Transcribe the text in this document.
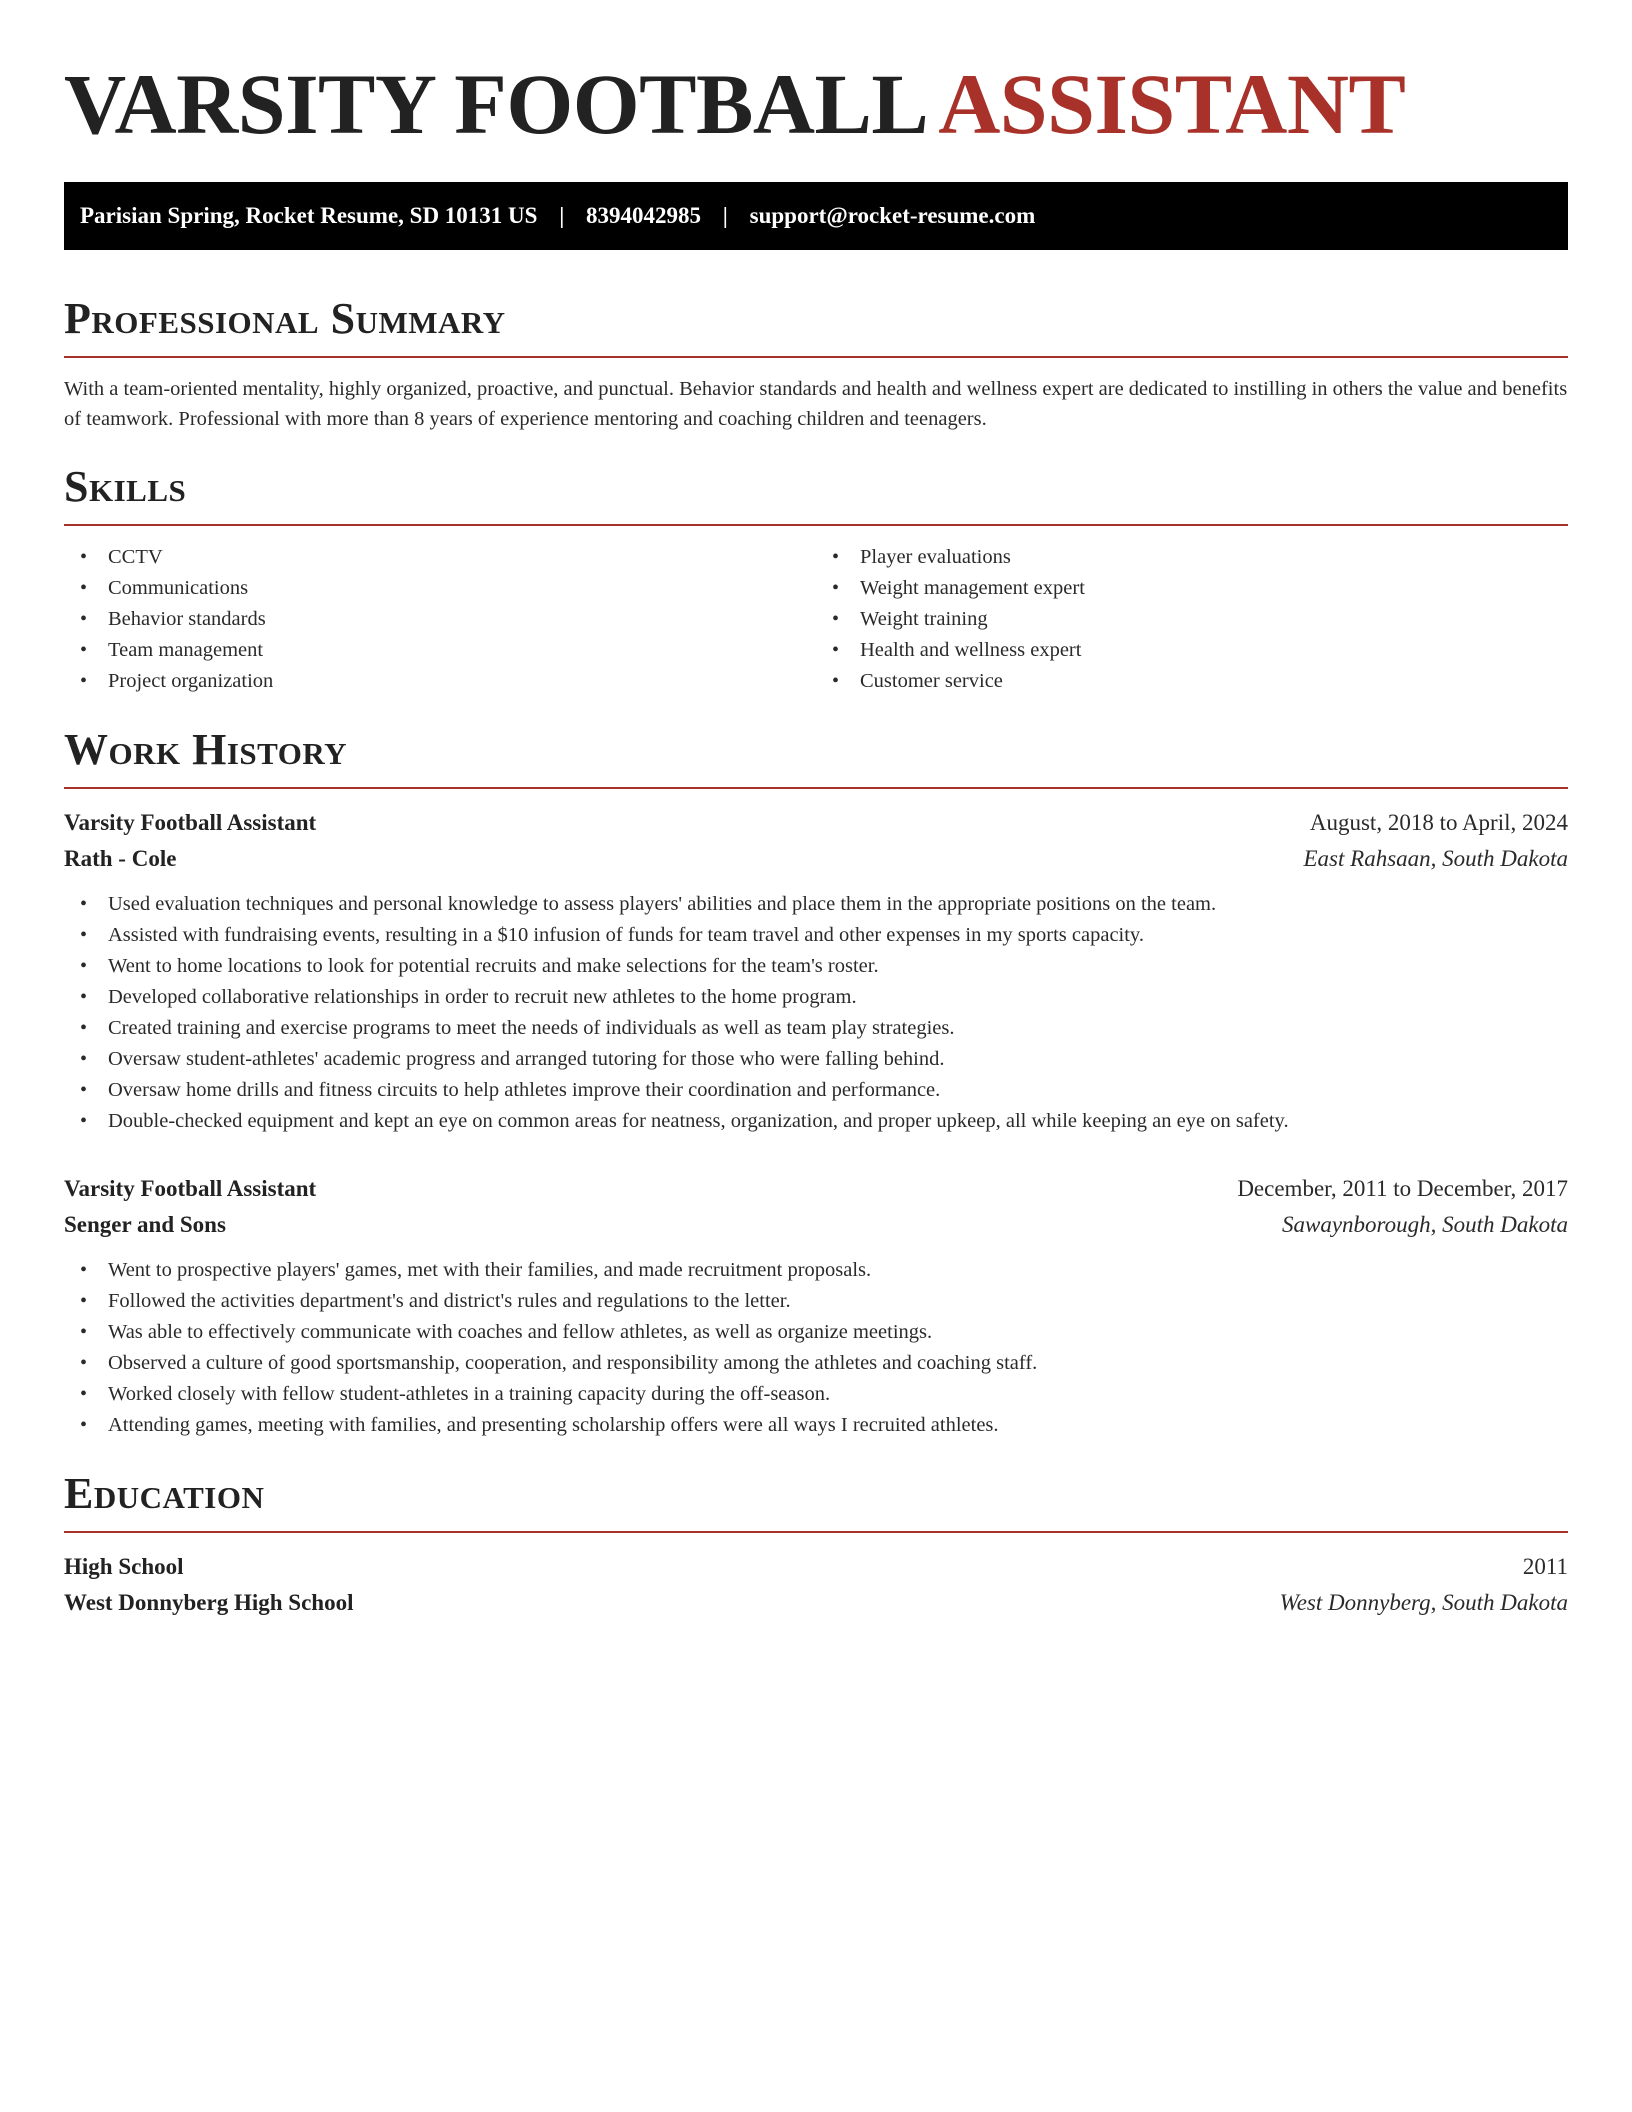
VARSITY FOOTBALL ASSISTANT
Parisian Spring, Rocket Resume, SD 10131 US | 8394042985 | support@rocket-resume.com
Professional Summary

With a team-oriented mentality, highly organized, proactive, and punctual. Behavior standards and health and wellness expert are dedicated to instilling in others the value and benefits of teamwork. Professional with more than 8 years of experience mentoring and coaching children and teenagers.

Skills
• CCTV
• Communications
• Behavior standards
• Team management
• Project organization
• Player evaluations
• Weight management expert
• Weight training
• Health and wellness expert
• Customer service
Work History
Varsity Football Assistant	August, 2018 to April, 2024
Rath - Cole	East Rahsaan, South Dakota
• Used evaluation techniques and personal knowledge to assess players' abilities and place them in the appropriate positions on the team.
• Assisted with fundraising events, resulting in a $10 infusion of funds for team travel and other expenses in my sports capacity.
• Went to home locations to look for potential recruits and make selections for the team's roster.
• Developed collaborative relationships in order to recruit new athletes to the home program.
• Created training and exercise programs to meet the needs of individuals as well as team play strategies.
• Oversaw student-athletes' academic progress and arranged tutoring for those who were falling behind.
• Oversaw home drills and fitness circuits to help athletes improve their coordination and performance.
• Double-checked equipment and kept an eye on common areas for neatness, organization, and proper upkeep, all while keeping an eye on safety.
Varsity Football Assistant	December, 2011 to December, 2017
Senger and Sons	Sawaynborough, South Dakota
• Went to prospective players' games, met with their families, and made recruitment proposals.
• Followed the activities department's and district's rules and regulations to the letter.
• Was able to effectively communicate with coaches and fellow athletes, as well as organize meetings.
• Observed a culture of good sportsmanship, cooperation, and responsibility among the athletes and coaching staff.
• Worked closely with fellow student-athletes in a training capacity during the off-season.
• Attending games, meeting with families, and presenting scholarship offers were all ways I recruited athletes.
Education
High School	2011
West Donnyberg High School	West Donnyberg, South Dakota
